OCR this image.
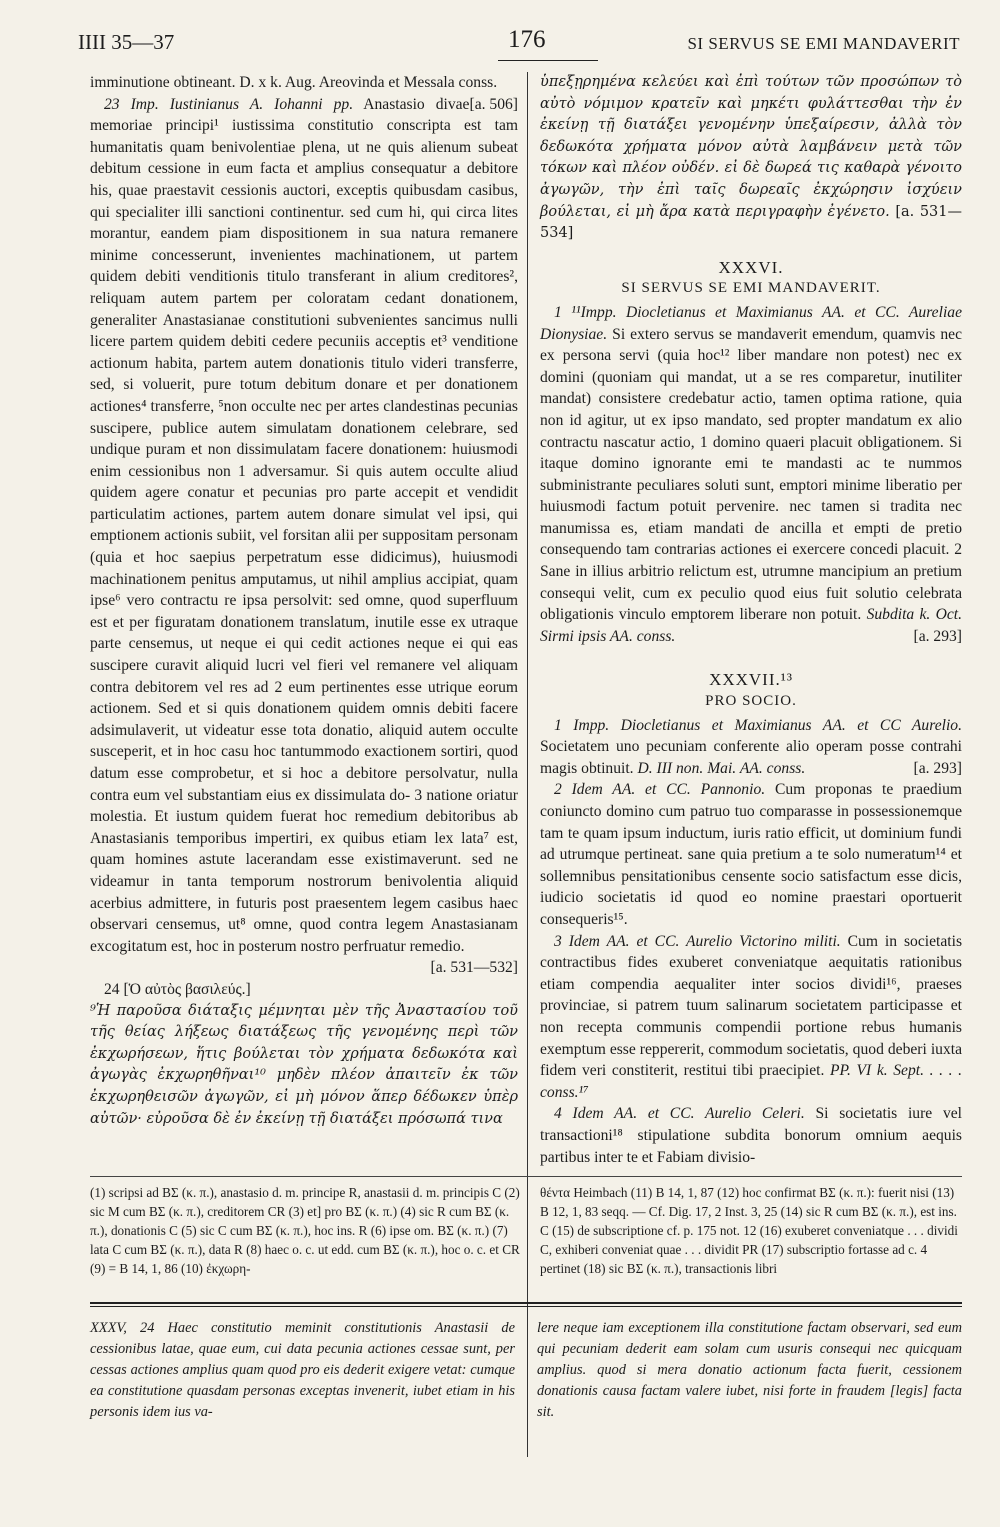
IIII 35—37	176	SI SERVUS SE EMI MANDAVERIT

imminutione obtineant. D. x k. Aug. Areovinda et Messala conss.
[a. 506]

23 Imp. Iustinianus A. Iohanni pp. Anastasio divae memoriae principi¹ iustissima constitutio conscripta est tam humanitatis quam benivolentiae plena, ut ne quis alienum subeat debitum cessione in eum facta et amplius consequatur a debitore his, quae praestavit cessionis auctori, exceptis quibusdam casibus, qui specialiter illi sanctioni continentur. sed cum hi, qui circa lites morantur, eandem piam dispositionem in sua natura remanere minime concesserunt, invenientes machinationem, ut partem quidem debiti venditionis titulo transferant in alium creditores², reliquam autem partem per coloratam cedant donationem, generaliter Anastasianae constitutioni subvenientes sancimus nulli licere partem quidem debiti cedere pecuniis acceptis et³ venditione actionum habita, partem autem donationis titulo videri transferre, sed, si voluerit, pure totum debitum donare et per donationem actiones⁴ transferre, ⁵non occulte nec per artes clandestinas pecunias suscipere, publice autem simulatam donationem celebrare, sed undique puram et non dissimulatam facere donationem: huiusmodi enim cessionibus non 1 adversamur. Si quis autem occulte aliud quidem agere conatur et pecunias pro parte accepit et vendidit particulatim actiones, partem autem donare simulat vel ipsi, qui emptionem actionis subiit, vel forsitan alii per suppositam personam (quia et hoc saepius perpetratum esse didicimus), huiusmodi machinationem penitus amputamus, ut nihil amplius accipiat, quam ipse⁶ vero contractu re ipsa persolvit: sed omne, quod superfluum est et per figuratam donationem translatum, inutile esse ex utraque parte censemus, ut neque ei qui cedit actiones neque ei qui eas suscipere curavit aliquid lucri vel fieri vel remanere vel aliquam contra debitorem vel res ad 2 eum pertinentes esse utrique eorum actionem. Sed et si quis donationem quidem omnis debiti facere adsimulaverit, ut videatur esse tota donatio, aliquid autem occulte susceperit, et in hoc casu hoc tantummodo exactionem sortiri, quod datum esse comprobetur, et si hoc a debitore persolvatur, nulla contra eum vel substantiam eius ex dissimulata do- 3 natione oriatur molestia. Et iustum quidem fuerat hoc remedium debitoribus ab Anastasianis temporibus impertiri, ex quibus etiam lex lata⁷ est, quam homines astute lacerandam esse existimaverunt. sed ne videamur in tanta temporum nostrorum benivolentia aliquid acerbius admittere, in futuris post praesentem legem casibus haec observari censemus, ut⁸ omne, quod contra legem Anastasianam excogitatum est, hoc in posterum nostro perfruatur remedio.

[a. 531—532]

24 [Ὁ αὐτὸς βασιλεύς.]

⁹Ἡ παροῦσα διάταξις μέμνηται μὲν τῆς Ἀναστασίου τοῦ τῆς θείας λήξεως διατάξεως τῆς γενομένης περὶ τῶν ἐκχωρήσεων, ἥτις βούλεται τὸν χρήματα δεδωκότα καὶ ἀγωγὰς ἐκχωρηθῆναι¹⁰ μηδὲν πλέον ἀπαιτεῖν ἐκ τῶν ἐκχωρηθεισῶν ἀγωγῶν, εἰ μὴ μόνον ἅπερ δέδωκεν ὑπὲρ αὐτῶν· εὐροῦσα δὲ ἐν ἐκείνῃ τῇ διατάξει πρόσωπά τινα

ὑπεξῃρημένα κελεύει καὶ ἐπὶ τούτων τῶν προσώπων τὸ αὐτὸ νόμιμον κρατεῖν καὶ μηκέτι φυλάττεσθαι τὴν ἐν ἐκείνῃ τῇ διατάξει γενομένην ὑπεξαίρεσιν, ἀλλὰ τὸν δεδωκότα χρήματα μόνον αὐτὰ λαμβάνειν μετὰ τῶν τόκων καὶ πλέον οὐδέν. εἰ δὲ δωρεά τις καθαρὰ γένοιτο ἀγωγῶν, τὴν ἐπὶ ταῖς δωρεαῖς ἐκχώρησιν ἰσχύειν βούλεται, εἰ μὴ ἄρα κατὰ περιγραφὴν ἐγένετο. [a. 531—534]

XXXVI.
SI SERVUS SE EMI MANDAVERIT.

1 ¹¹Impp. Diocletianus et Maximianus AA. et CC. Aureliae Dionysiae. Si extero servus se mandaverit emendum, quamvis nec ex persona servi (quia hoc¹² liber mandare non potest) nec ex domini (quoniam qui mandat, ut a se res comparetur, inutiliter mandat) consistere credebatur actio, tamen optima ratione, quia non id agitur, ut ex ipso mandato, sed propter mandatum ex alio contractu nascatur actio, 1 domino quaeri placuit obligationem. Si itaque domino ignorante emi te mandasti ac te nummos subministrante peculiares soluti sunt, emptori minime liberatio per huiusmodi factum potuit pervenire. nec tamen si tradita nec manumissa es, etiam mandati de ancilla et empti de pretio consequendo tam contrarias actiones ei exercere concedi placuit. 2 Sane in illius arbitrio relictum est, utrumne mancipium an pretium consequi velit, cum ex peculio quod eius fuit solutio celebrata obligationis vinculo emptorem liberare non potuit. Subdita k. Oct. Sirmi ipsis AA. conss.	[a. 293]

XXXVII.¹³
PRO SOCIO.

1 Impp. Diocletianus et Maximianus AA. et CC Aurelio. Societatem uno pecuniam conferente alio operam posse contrahi magis obtinuit. D. III non. Mai. AA. conss.	[a. 293]

2 Idem AA. et CC. Pannonio. Cum proponas te praedium coniuncto domino cum patruo tuo comparasse in possessionemque tam te quam ipsum inductum, iuris ratio efficit, ut dominium fundi ad utrumque pertineat. sane quia pretium a te solo numeratum¹⁴ et sollemnibus pensitationibus censente socio satisfactum esse dicis, iudicio societatis id quod eo nomine praestari oportuerit consequeris¹⁵.

3 Idem AA. et CC. Aurelio Victorino militi. Cum in societatis contractibus fides exuberet conveniatque aequitatis rationibus etiam compendia aequaliter inter socios dividi¹⁶, praeses provinciae, si patrem tuum salinarum societatem participasse et non recepta communis compendii portione rebus humanis exemptum esse reppererit, commodum societatis, quod deberi iuxta fidem veri constiterit, restitui tibi praecipiet. PP. VI k. Sept. . . . . conss.¹⁷

4 Idem AA. et CC. Aurelio Celeri. Si societatis iure vel transactioni¹⁸ stipulatione subdita bonorum omnium aequis partibus inter te et Fabiam divisio-

(1) scripsi ad BΣ (κ. π.), anastasio d. m. principe R, anastasii d. m. principis C (2) sic M cum BΣ (κ. π.), creditorem CR (3) et] pro BΣ (κ. π.) (4) sic R cum BΣ (κ. π.), donationis C (5) sic C cum BΣ (κ. π.), hoc ins. R (6) ipse om. BΣ (κ. π.) (7) lata C cum BΣ (κ. π.), data R (8) haec o. c. ut edd. cum BΣ (κ. π.), hoc o. c. et CR (9) = B 14, 1, 86 (10) ἐκχωρη-
θέντα Heimbach (11) B 14, 1, 87 (12) hoc confirmat BΣ (κ. π.): fuerit nisi (13) B 12, 1, 83 seqq. — Cf. Dig. 17, 2 Inst. 3, 25 (14) sic R cum BΣ (κ. π.), est ins. C (15) de subscriptione cf. p. 175 not. 12 (16) exuberet conveniatque . . . dividi C, exhiberi conveniat quae . . . dividit PR (17) subscriptio fortasse ad c. 4 pertinet (18) sic BΣ (κ. π.), transactionis libri
XXXV, 24 Haec constitutio meminit constitutionis Anastasii de cessionibus latae, quae eum, cui data pecunia actiones cessae sunt, per cessas actiones amplius quam quod pro eis dederit exigere vetat: cumque ea constitutione quasdam personas exceptas invenerit, iubet etiam in his personis idem ius va-
lere neque iam exceptionem illa constitutione factam observari, sed eum qui pecuniam dederit eam solam cum usuris consequi nec quicquam amplius. quod si mera donatio actionum facta fuerit, cessionem donationis causa factam valere iubet, nisi forte in fraudem [legis] facta sit.
